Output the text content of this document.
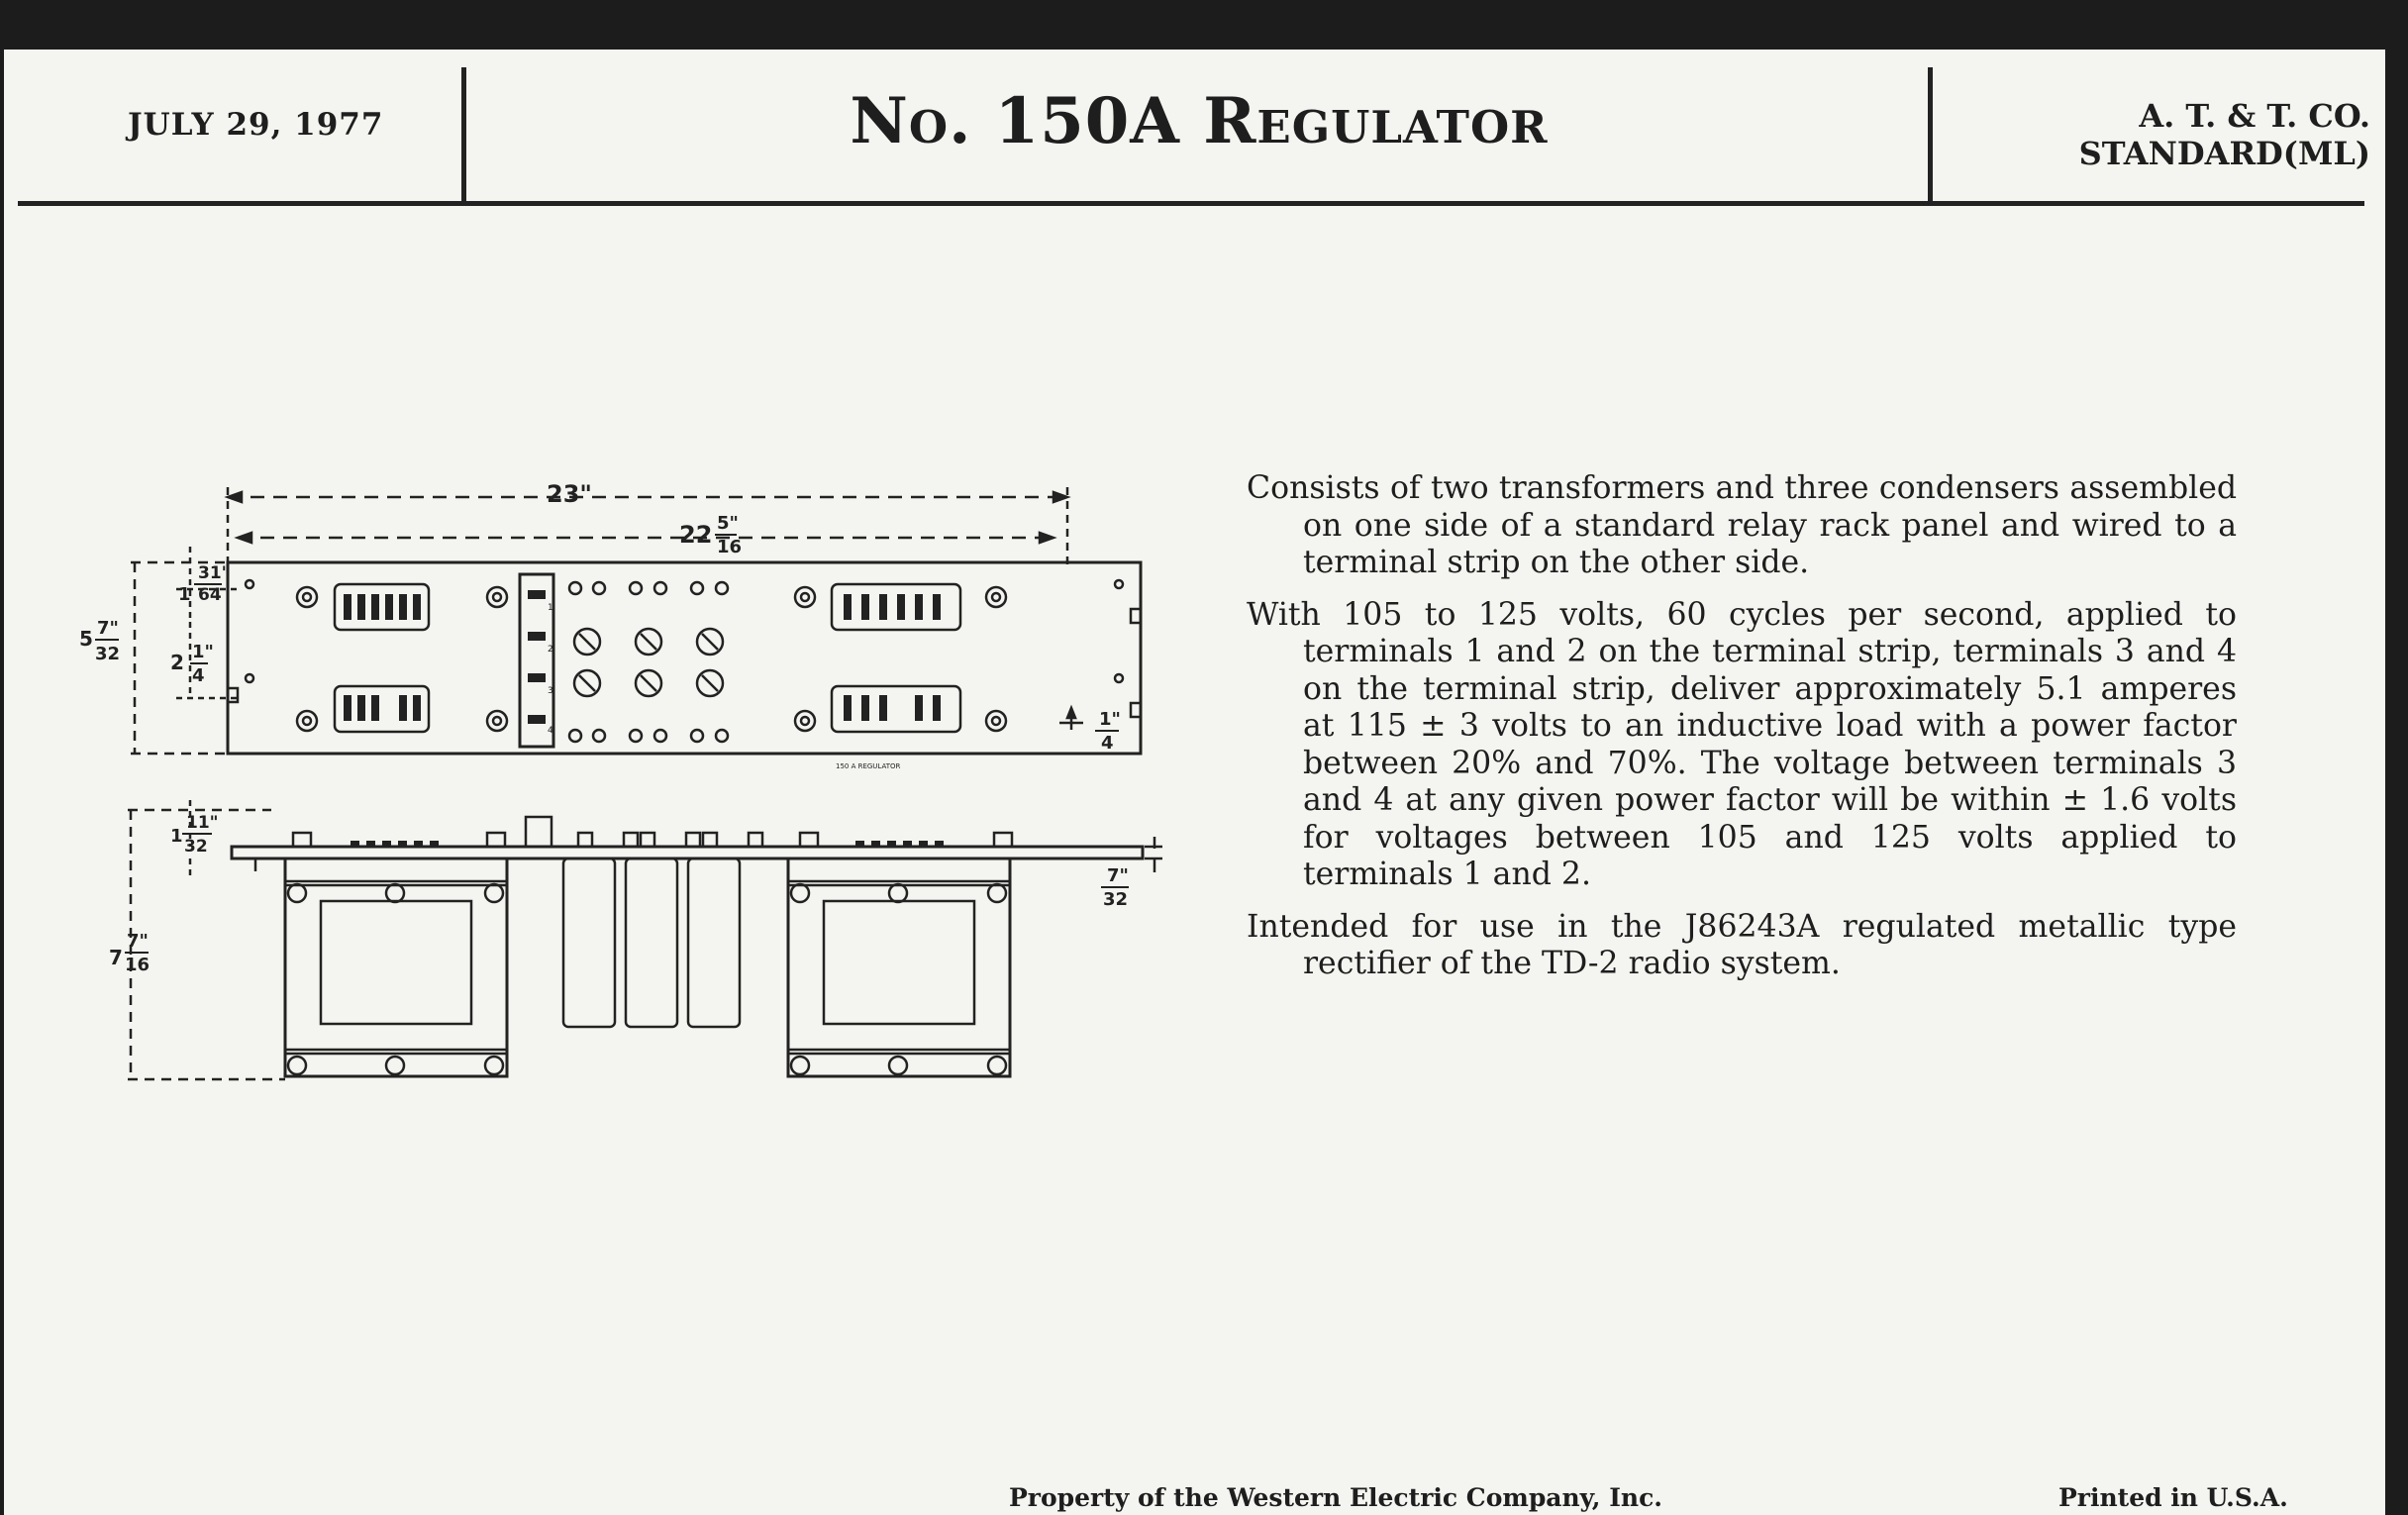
JULY 29, 1977	No. 150A Regulator	A. T. & T. CO.
STANDARD(ML)
23"
22 5"
16
31"
64
1
5 7"
32	2 1"
4
1"
4
1
11"
32
7
7"
16
7"
32
1
2
3
4
150 A REGULATOR

Consists of two transformers and three condensers assembled on one side of a standard relay rack panel and wired to a terminal strip on the other side.

With 105 to 125 volts, 60 cycles per second, applied to terminals 1 and 2 on the terminal strip, terminals 3 and 4 on the terminal strip, deliver approximately 5.1 amperes at 115 ± 3 volts to an inductive load with a power factor between 20% and 70%. The voltage between terminals 3 and 4 at any given power factor will be within ± 1.6 volts for voltages between 105 and 125 volts applied to terminals 1 and 2.

Intended for use in the J86243A regulated metallic type rectifier of the TD-2 radio system.

Property of the Western Electric Company, Inc.	Printed in U.S.A.
